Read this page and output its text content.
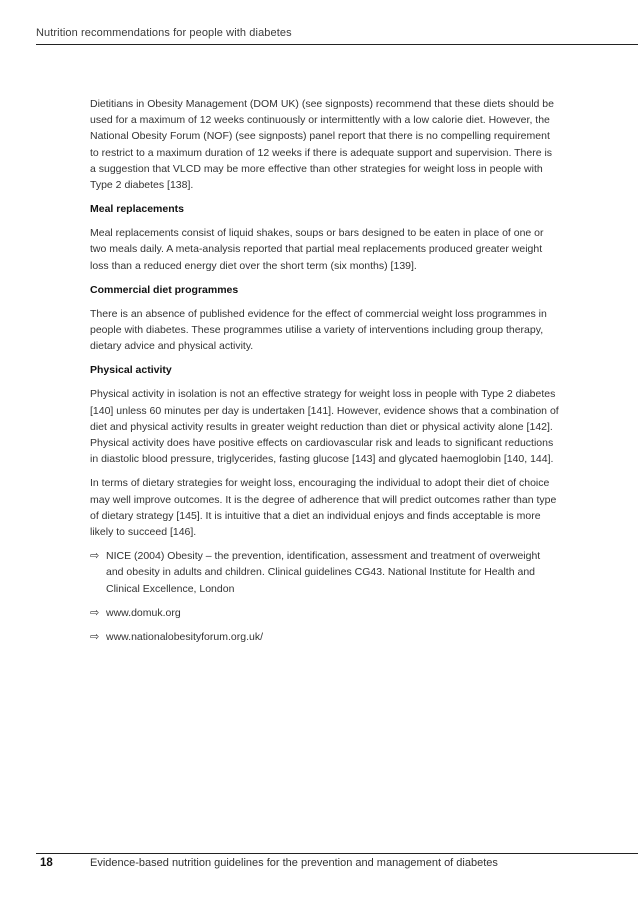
Nutrition recommendations for people with diabetes

Dietitians in Obesity Management (DOM UK) (see signposts) recommend that these diets should be used for a maximum of 12 weeks continuously or intermittently with a low calorie diet. However, the National Obesity Forum (NOF) (see signposts) panel report that there is no compelling requirement to restrict to a maximum duration of 12 weeks if there is adequate support and supervision. There is a suggestion that VLCD may be more effective than other strategies for weight loss in people with Type 2 diabetes [138].

Meal replacements

Meal replacements consist of liquid shakes, soups or bars designed to be eaten in place of one or two meals daily. A meta-analysis reported that partial meal replacements produced greater weight loss than a reduced energy diet over the short term (six months) [139].

Commercial diet programmes

There is an absence of published evidence for the effect of commercial weight loss programmes in people with diabetes. These programmes utilise a variety of interventions including group therapy, dietary advice and physical activity.

Physical activity

Physical activity in isolation is not an effective strategy for weight loss in people with Type 2 diabetes [140] unless 60 minutes per day is undertaken [141]. However, evidence shows that a combination of diet and physical activity results in greater weight reduction than diet or physical activity alone [142]. Physical activity does have positive effects on cardiovascular risk and leads to significant reductions in diastolic blood pressure, triglycerides, fasting glucose [143] and glycated haemoglobin [140, 144].

In terms of dietary strategies for weight loss, encouraging the individual to adopt their diet of choice may well improve outcomes. It is the degree of adherence that will predict outcomes rather than type of dietary strategy [145]. It is intuitive that a diet an individual enjoys and finds acceptable is more likely to succeed [146].

⇨ NICE (2004) Obesity – the prevention, identification, assessment and treatment of overweight and obesity in adults and children. Clinical guidelines CG43. National Institute for Health and Clinical Excellence, London
⇨ www.domuk.org
⇨ www.nationalobesityforum.org.uk/
18	Evidence-based nutrition guidelines for the prevention and management of diabetes
